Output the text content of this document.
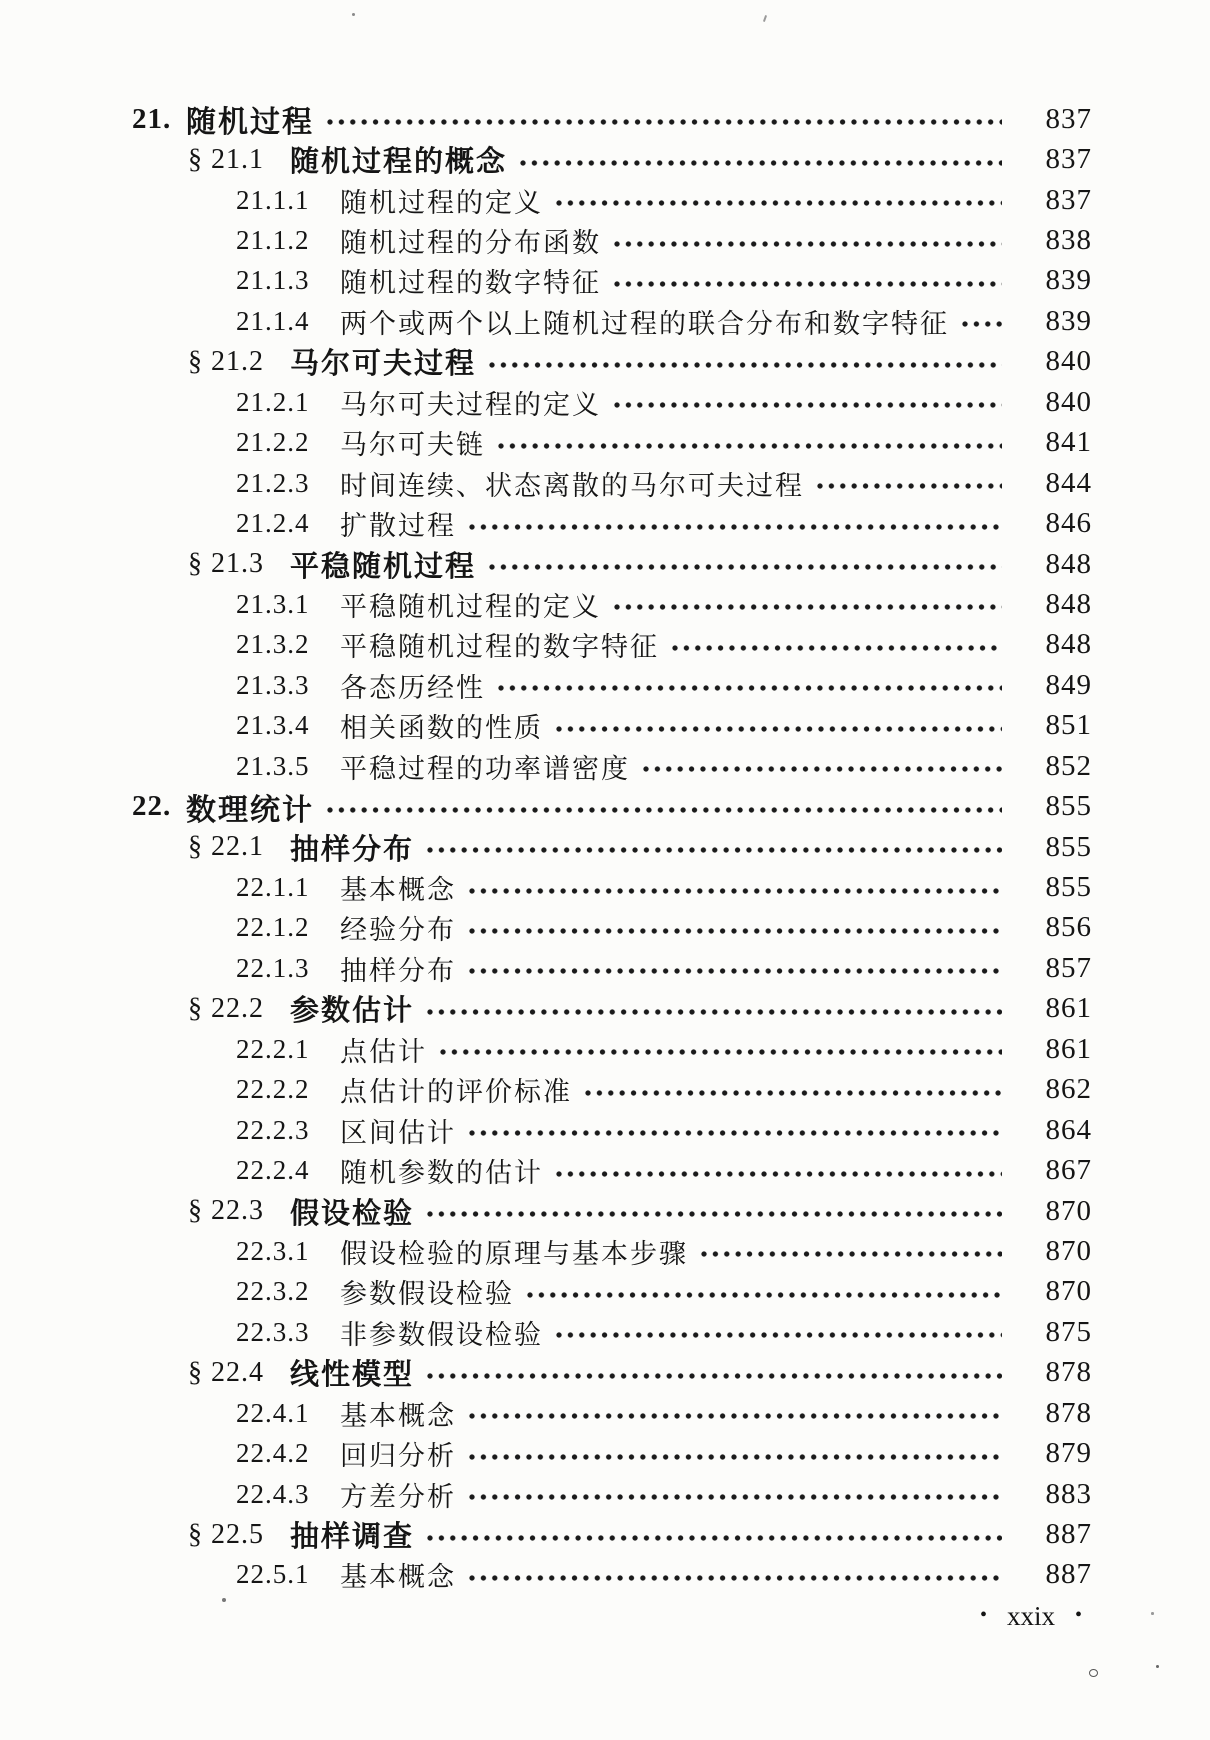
21. 随机过程	837
§ 21.1 随机过程的概念	837
21.1.1	随机过程的定义	837
21.1.2	随机过程的分布函数	838
21.1.3	随机过程的数字特征	839
21.1.4	两个或两个以上随机过程的联合分布和数字特征	839
§ 21.2 马尔可夫过程	840
21.2.1	马尔可夫过程的定义	840
21.2.2	马尔可夫链	841
21.2.3	时间连续、状态离散的马尔可夫过程	844
21.2.4	扩散过程	846
§ 21.3 平稳随机过程	848
21.3.1	平稳随机过程的定义	848
21.3.2	平稳随机过程的数字特征	848
21.3.3	各态历经性	849
21.3.4	相关函数的性质	851
21.3.5	平稳过程的功率谱密度	852
22. 数理统计	855
§ 22.1 抽样分布	855
22.1.1	基本概念	855
22.1.2	经验分布	856
22.1.3	抽样分布	857
§ 22.2 参数估计	861
22.2.1	点估计	861
22.2.2	点估计的评价标准	862
22.2.3	区间估计	864
22.2.4	随机参数的估计	867
§ 22.3 假设检验	870
22.3.1	假设检验的原理与基本步骤	870
22.3.2	参数假设检验	870
22.3.3	非参数假设检验	875
§ 22.4 线性模型	878
22.4.1	基本概念	878
22.4.2	回归分析	879
22.4.3	方差分析	883
§ 22.5 抽样调查	887
22.5.1	基本概念	887
• xxix •
